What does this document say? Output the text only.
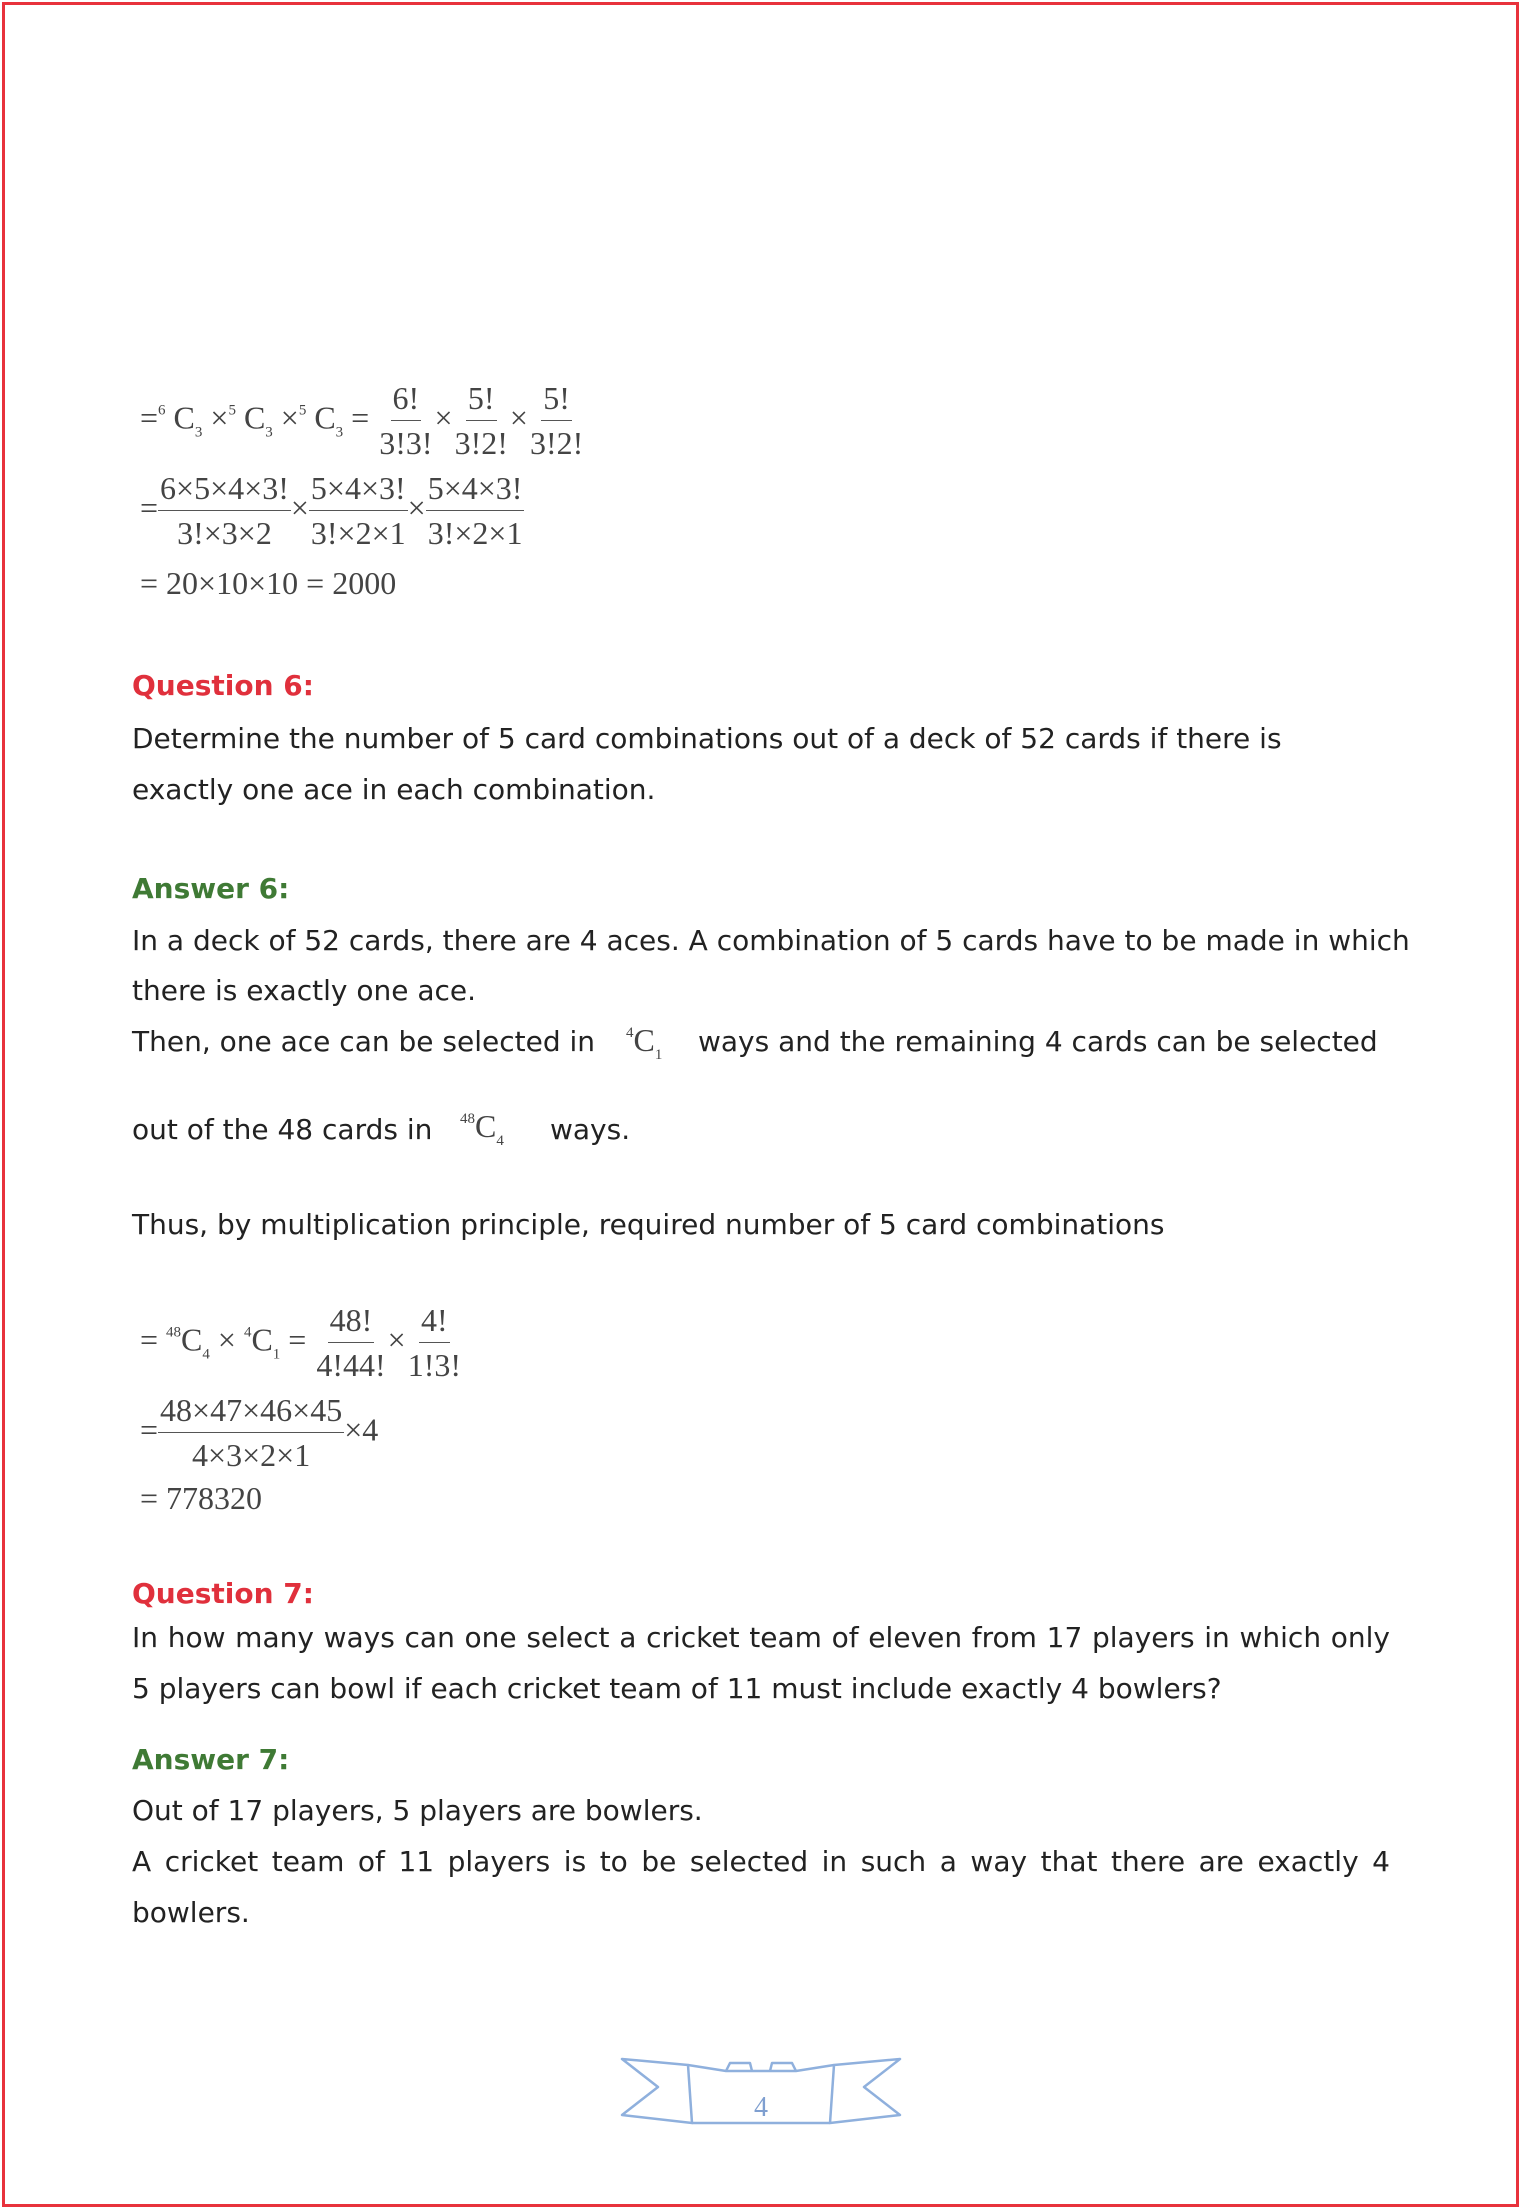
=$^6$ $C_3 \times^5$ $C_3 \times^5$ $C_3 = \frac{6!}{3!3!} \times \frac{5!}{3!2!} \times \frac{5!}{3!2!}$
= $\frac{6\times 5\times 4\times 3!}{3!\times 3\times 2} \times \frac{5\times 4\times 3!}{3!\times 2\times 1} \times \frac{5\times 4\times 3!}{3!\times 2\times 1}$
= 20×10×10 = 2000
Question 6:
Determine the number of 5 card combinations out of a deck of 52 cards if there is exactly one ace in each combination.
Answer 6:
In a deck of 52 cards, there are 4 aces. A combination of 5 cards have to be made in which
there is exactly one ace.
Then, one ace can be selected in $^4C_1$ ways and the remaining 4 cards can be selected
out of the 48 cards in $^{48}C_4$ ways.
Thus, by multiplication principle, required number of 5 card combinations
= $^{48}C_4 \times ^4C_1 = \frac{48!}{4!44!} \times \frac{4!}{1!3!}$
= $\frac{48\times 47\times 46\times 45}{4\times 3\times 2\times 1} \times 4$
= 778320
Question 7:
In how many ways can one select a cricket team of eleven from 17 players in which only
5 players can bowl if each cricket team of 11 must include exactly 4 bowlers?
Answer 7:
Out of 17 players, 5 players are bowlers.
A cricket team of 11 players is to be selected in such a way that there are exactly 4
bowlers.
4
